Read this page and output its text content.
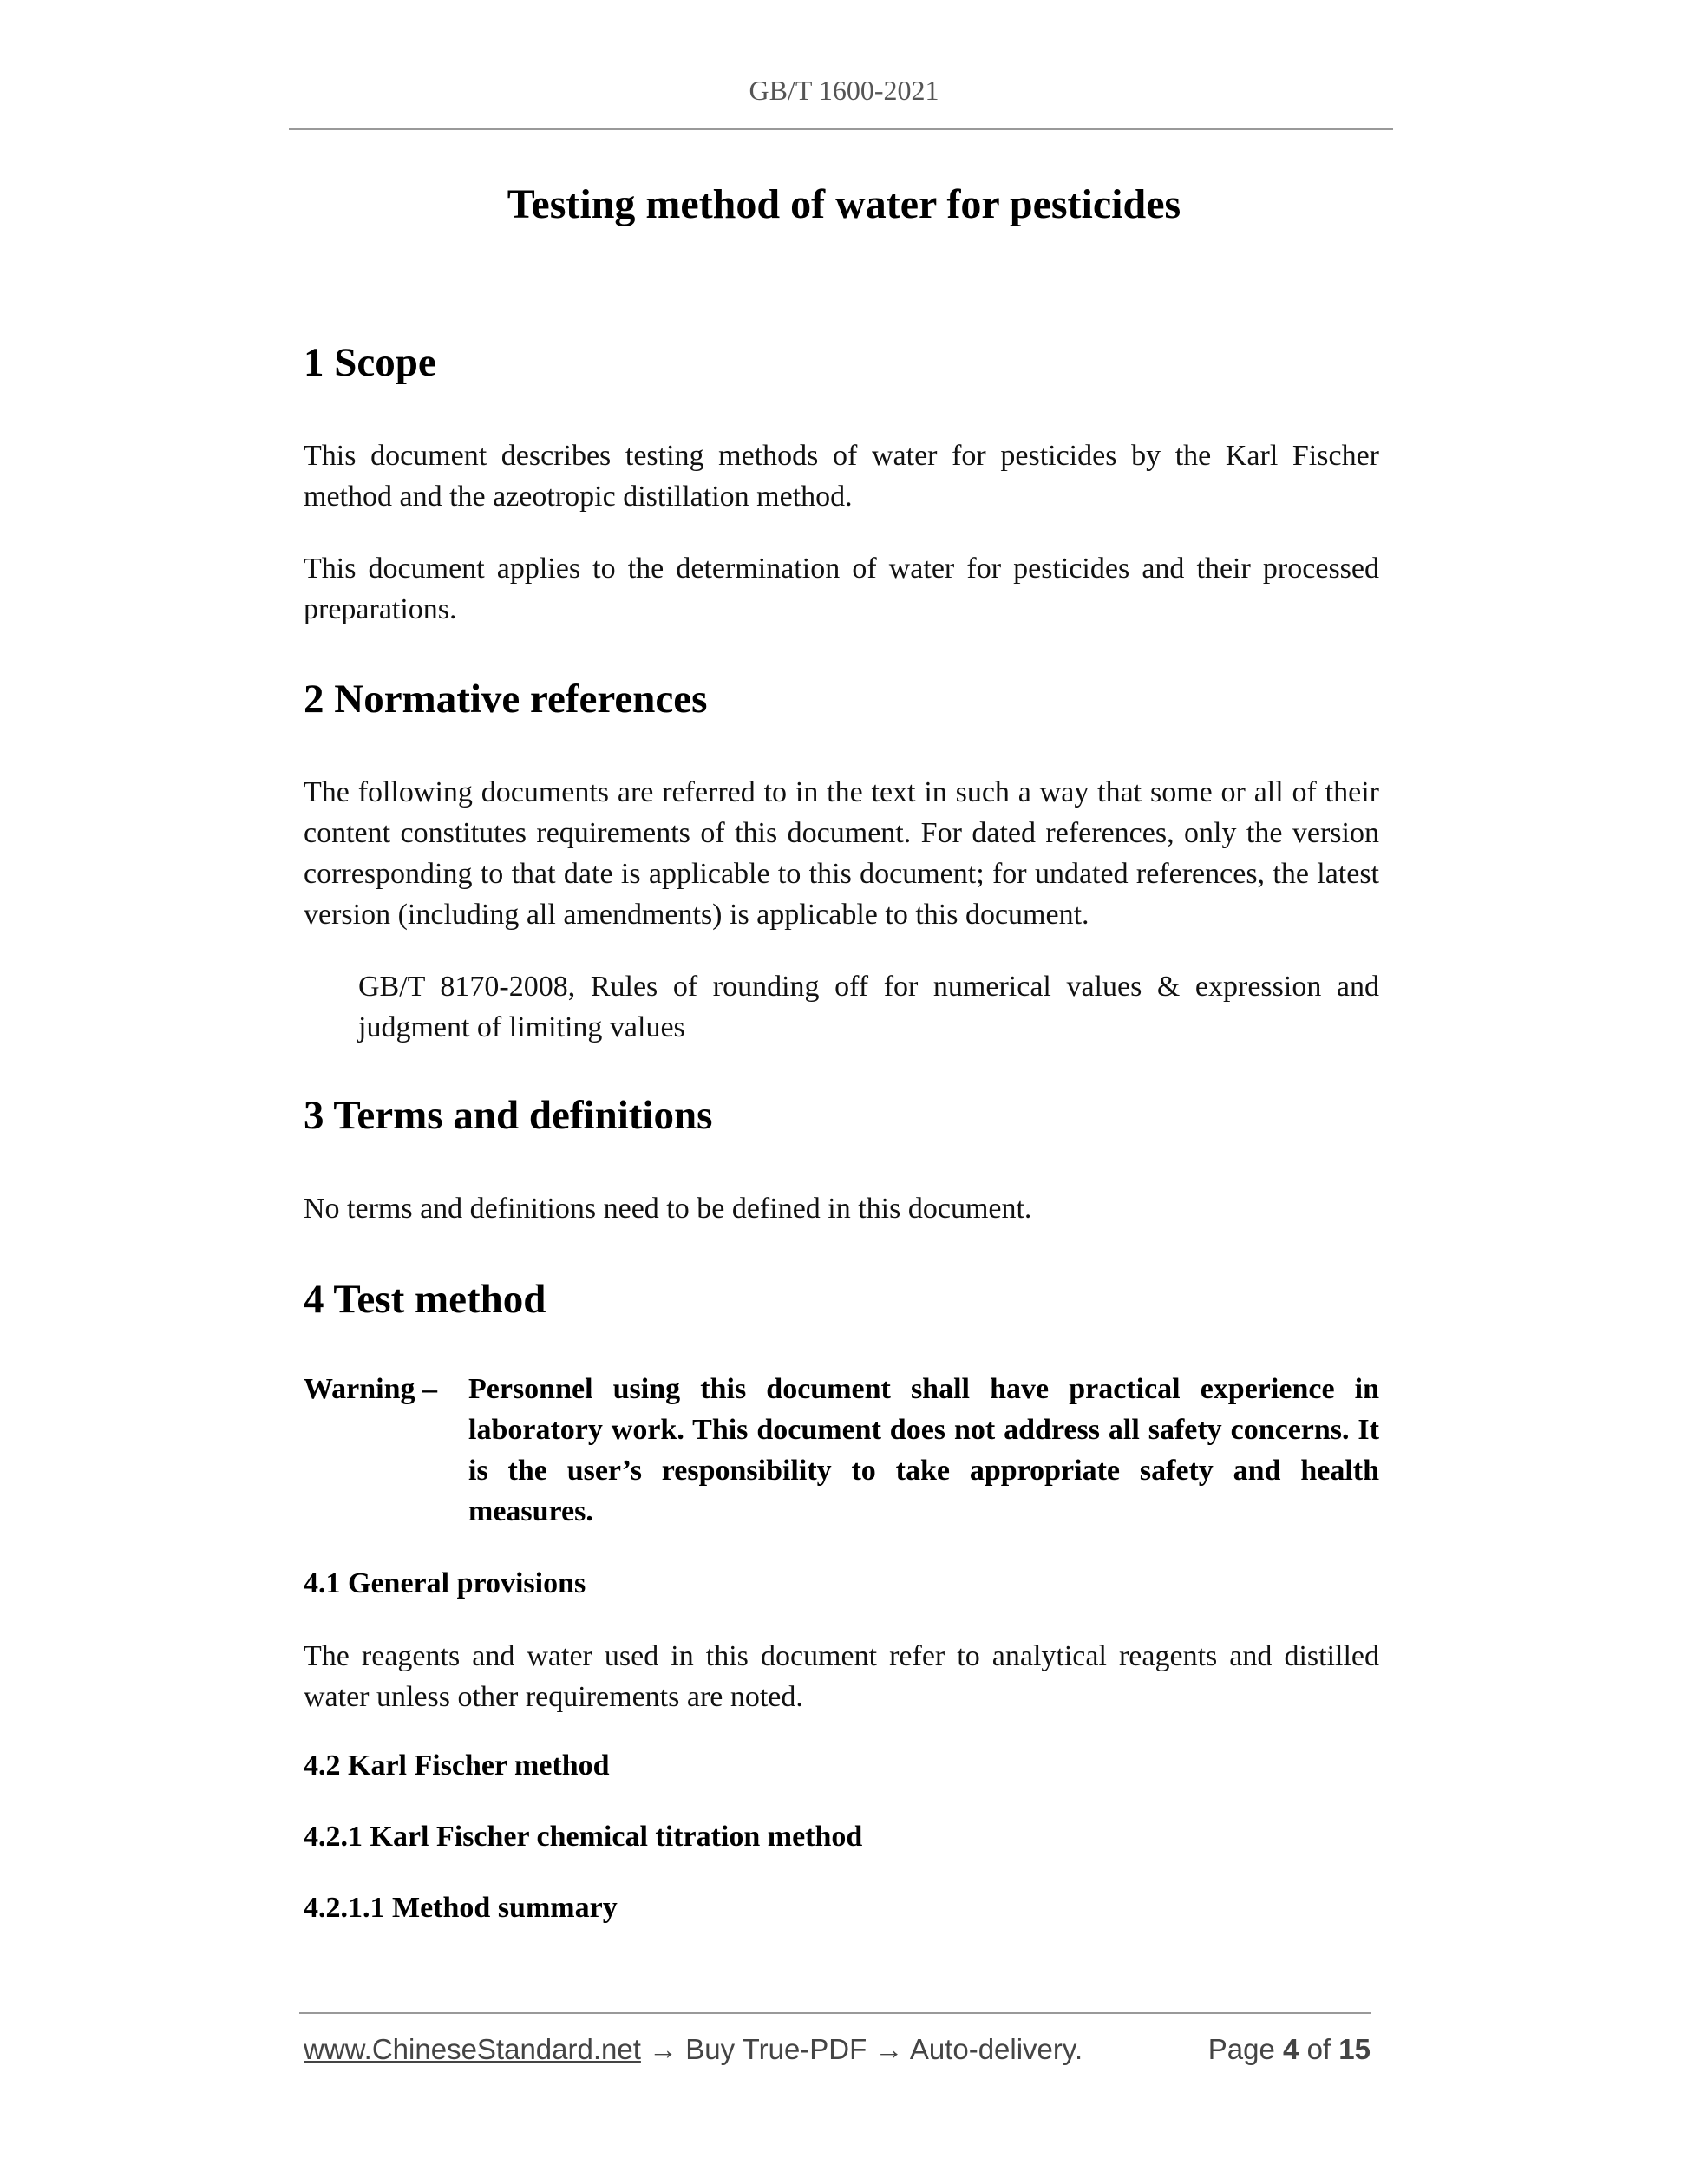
GB/T 1600-2021
Testing method of water for pesticides
1 Scope

This document describes testing methods of water for pesticides by the Karl Fischer method and the azeotropic distillation method.

This document applies to the determination of water for pesticides and their processed preparations.

2 Normative references

The following documents are referred to in the text in such a way that some or all of their content constitutes requirements of this document. For dated references, only the version corresponding to that date is applicable to this document; for undated references, the latest version (including all amendments) is applicable to this document.

GB/T 8170-2008, Rules of rounding off for numerical values & expression and judgment of limiting values

3 Terms and definitions

No terms and definitions need to be defined in this document.

4 Test method
Warning –	Personnel using this document shall have practical experience in laboratory work. This document does not address all safety concerns. It is the user’s responsibility to take appropriate safety and health measures.
4.1 General provisions

The reagents and water used in this document refer to analytical reagents and distilled water unless other requirements are noted.

4.2 Karl Fischer method
4.2.1 Karl Fischer chemical titration method
4.2.1.1 Method summary
www.ChineseStandard.net → Buy True-PDF → Auto-delivery.	Page 4 of 15
